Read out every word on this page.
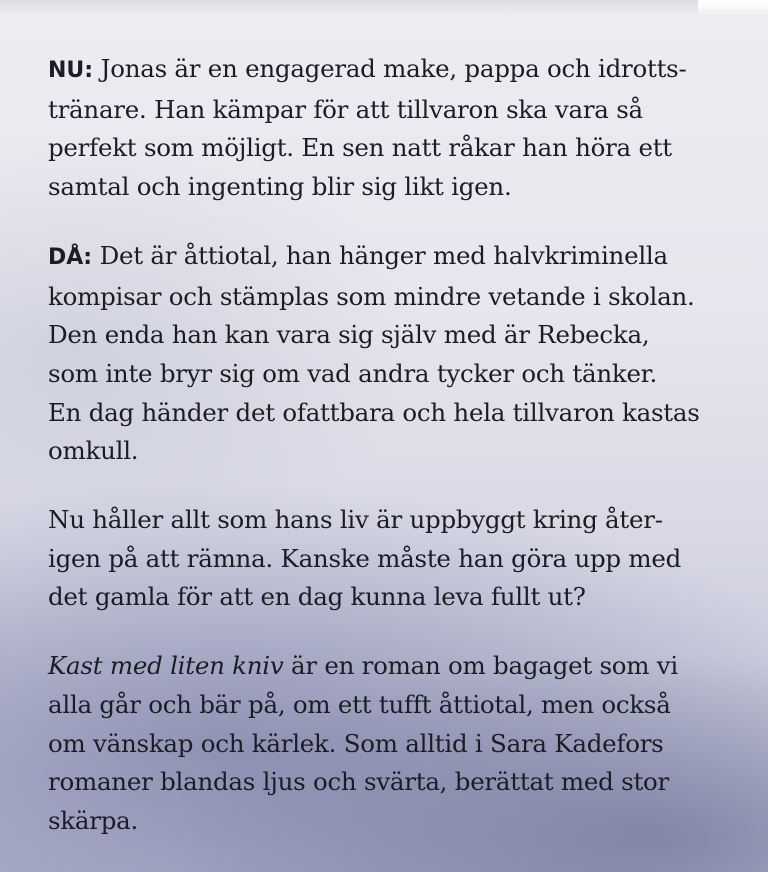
NU: Jonas är en engagerad make, pappa och idrotts-
tränare. Han kämpar för att tillvaron ska vara så
perfekt som möjligt. En sen natt råkar han höra ett
samtal och ingenting blir sig likt igen.

DÅ: Det är åttiotal, han hänger med halvkriminella
kompisar och stämplas som mindre vetande i skolan.
Den enda han kan vara sig själv med är Rebecka,
som inte bryr sig om vad andra tycker och tänker.
En dag händer det ofattbara och hela tillvaron kastas
omkull.

Nu håller allt som hans liv är uppbyggt kring åter-
igen på att rämna. Kanske måste han göra upp med
det gamla för att en dag kunna leva fullt ut?

Kast med liten kniv är en roman om bagaget som vi
alla går och bär på, om ett tufft åttiotal, men också
om vänskap och kärlek. Som alltid i Sara Kadefors
romaner blandas ljus och svärta, berättat med stor
skärpa.
